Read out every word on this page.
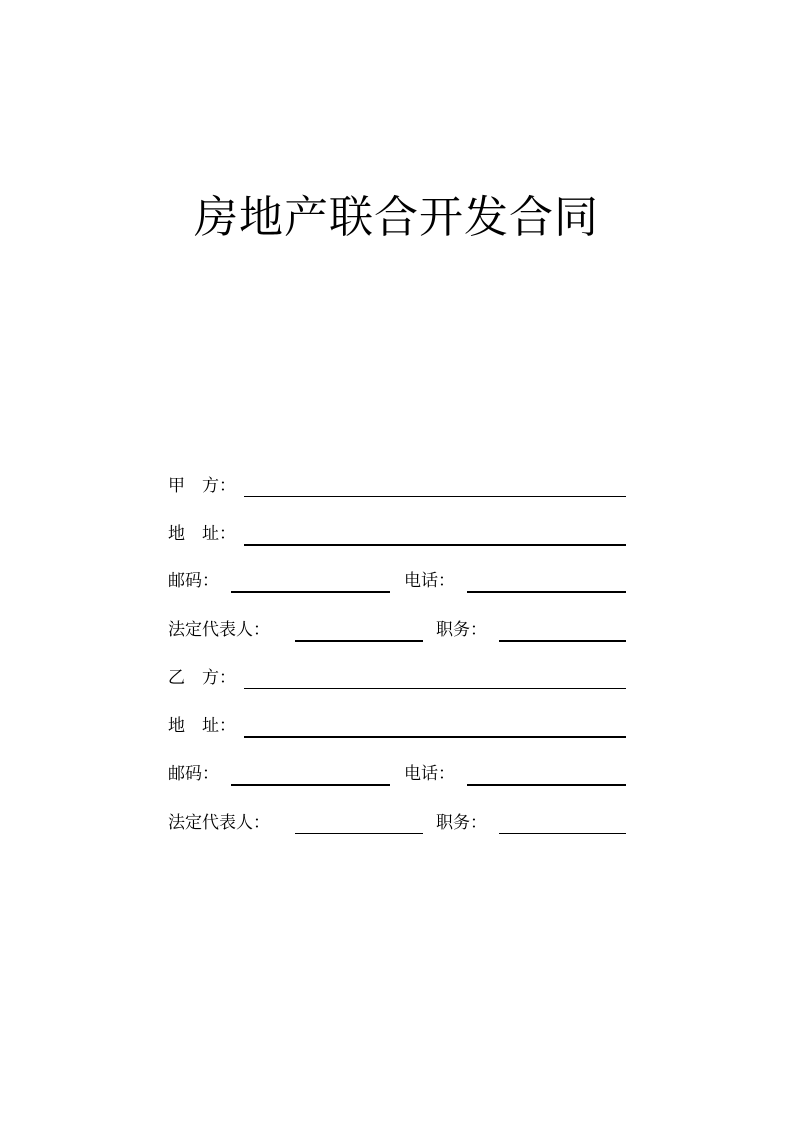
房地产联合开发合同
甲　方：
地　址：
邮码：	电话：
法定代表人：	职务：
乙　方：
地　址：
邮码：	电话：
法定代表人：	职务：
